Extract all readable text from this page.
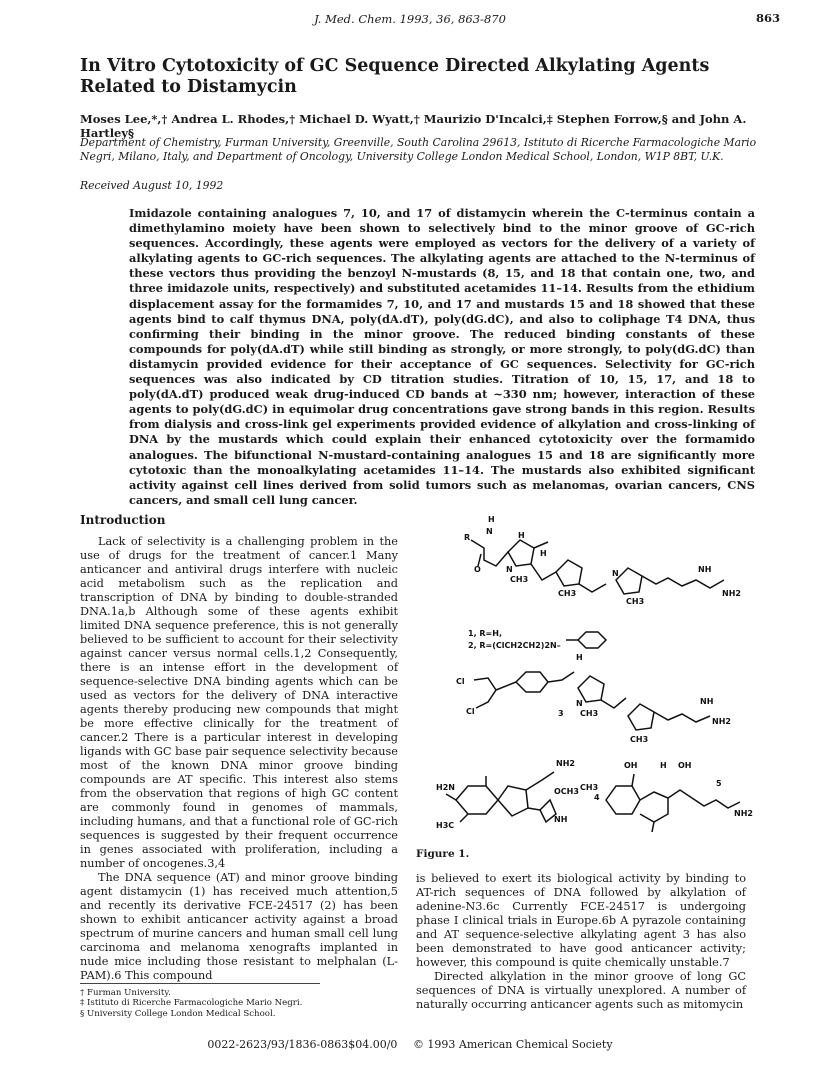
J. Med. Chem. 1993, 36, 863-870	863
In Vitro Cytotoxicity of GC Sequence Directed Alkylating Agents Related to Distamycin
Moses Lee,*,† Andrea L. Rhodes,† Michael D. Wyatt,† Maurizio D'Incalci,‡ Stephen Forrow,§ and John A. Hartley§
Department of Chemistry, Furman University, Greenville, South Carolina 29613, Istituto di Ricerche Farmacologiche Mario Negri, Milano, Italy, and Department of Oncology, University College London Medical School, London, W1P 8BT, U.K.
Received August 10, 1992
Imidazole containing analogues 7, 10, and 17 of distamycin wherein the C-terminus contain a dimethylamino moiety have been shown to selectively bind to the minor groove of GC-rich sequences. Accordingly, these agents were employed as vectors for the delivery of a variety of alkylating agents to GC-rich sequences. The alkylating agents are attached to the N-terminus of these vectors thus providing the benzoyl N-mustards (8, 15, and 18 that contain one, two, and three imidazole units, respectively) and substituted acetamides 11–14. Results from the ethidium displacement assay for the formamides 7, 10, and 17 and mustards 15 and 18 showed that these agents bind to calf thymus DNA, poly(dA.dT), poly(dG.dC), and also to coliphage T4 DNA, thus confirming their binding in the minor groove. The reduced binding constants of these compounds for poly(dA.dT) while still binding as strongly, or more strongly, to poly(dG.dC) than distamycin provided evidence for their acceptance of GC sequences. Selectivity for GC-rich sequences was also indicated by CD titration studies. Titration of 10, 15, 17, and 18 to poly(dA.dT) produced weak drug-induced CD bands at ~330 nm; however, interaction of these agents to poly(dG.dC) in equimolar drug concentrations gave strong bands in this region. Results from dialysis and cross-link gel experiments provided evidence of alkylation and cross-linking of DNA by the mustards which could explain their enhanced cytotoxicity over the formamido analogues. The bifunctional N-mustard-containing analogues 15 and 18 are significantly more cytotoxic than the monoalkylating acetamides 11–14. The mustards also exhibited significant activity against cell lines derived from solid tumors such as melanomas, ovarian cancers, CNS cancers, and small cell lung cancer.
Introduction

Lack of selectivity is a challenging problem in the use of drugs for the treatment of cancer.1 Many anticancer and antiviral drugs interfere with nucleic acid metabolism such as the replication and transcription of DNA by binding to double-stranded DNA.1a,b Although some of these agents exhibit limited DNA sequence preference, this is not generally believed to be sufficient to account for their selectivity against cancer versus normal cells.1,2 Consequently, there is an intense effort in the development of sequence-selective DNA binding agents which can be used as vectors for the delivery of DNA interactive agents thereby producing new compounds that might be more effective clinically for the treatment of cancer.2 There is a particular interest in developing ligands with GC base pair sequence selectivity because most of the known DNA minor groove binding compounds are AT specific. This interest also stems from the observation that regions of high GC content are commonly found in genomes of mammals, including humans, and that a functional role of GC-rich sequences is suggested by their frequent occurrence in genes associated with proliferation, including a number of oncogenes.3,4

The DNA sequence (AT) and minor groove binding agent distamycin (1) has received much attention,5 and recently its derivative FCE-24517 (2) has been shown to exhibit anticancer activity against a broad spectrum of murine cancers and human small cell lung carcinoma and melanoma xenografts implanted in nude mice including those resistant to melphalan (L-PAM).6 This compound

† Furman University.
‡ Istituto di Ricerche Farmacologiche Mario Negri.
§ University College London Medical School.
H
N
R
O
H
N
CH3
H
CH3
N
CH3
NH
NH2
1, R=H,
2, R=(ClCH2CH2)2N–
Cl
Cl
H
N
CH3
CH3
3
NH
NH2
NH2
H2N	OCH3
NH
H3C
4
OH	OH
H
CH3	5
NH2
Figure 1.

is believed to exert its biological activity by binding to AT-rich sequences of DNA followed by alkylation of adenine-N3.6c Currently FCE-24517 is undergoing phase I clinical trials in Europe.6b A pyrazole containing and AT sequence-selective alkylating agent 3 has also been demonstrated to have good anticancer activity; however, this compound is quite chemically unstable.7

Directed alkylation in the minor groove of long GC sequences of DNA is virtually unexplored. A number of naturally occurring anticancer agents such as mitomycin

0022-2623/93/1836-0863$04.00/0 © 1993 American Chemical Society
